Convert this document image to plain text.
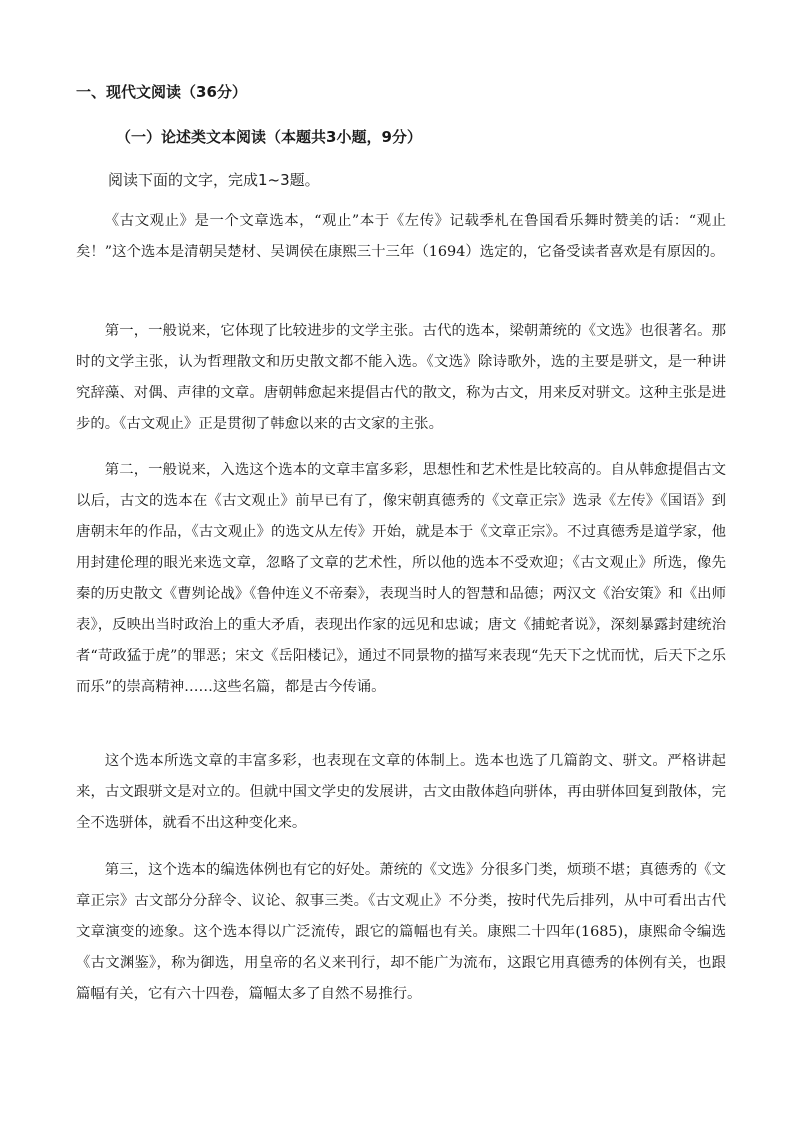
一、现代文阅读（36分）
（一）论述类文本阅读（本题共3小题，9分）
阅读下面的文字，完成1~3题。

《古文观止》是一个文章选本，“观止”本于《左传》记载季札在鲁国看乐舞时赞美的话：“观止矣！”这个选本是清朝吴楚材、吴调侯在康熙三十三年（1694）选定的，它备受读者喜欢是有原因的。

第一，一般说来，它体现了比较进步的文学主张。古代的选本，梁朝萧统的《文选》也很著名。那时的文学主张，认为哲理散文和历史散文都不能入选。《文选》除诗歌外，选的主要是骈文，是一种讲究辞藻、对偶、声律的文章。唐朝韩愈起来提倡古代的散文，称为古文，用来反对骈文。这种主张是进步的。《古文观止》正是贯彻了韩愈以来的古文家的主张。

第二，一般说来，入选这个选本的文章丰富多彩，思想性和艺术性是比较高的。自从韩愈提倡古文以后，古文的选本在《古文观止》前早已有了，像宋朝真德秀的《文章正宗》选录《左传》《国语》到唐朝末年的作品，《古文观止》的选文从左传》开始，就是本于《文章正宗》。不过真德秀是道学家，他用封建伦理的眼光来选文章，忽略了文章的艺术性，所以他的选本不受欢迎；《古文观止》所选，像先秦的历史散文《曹刿论战》《鲁仲连义不帝秦》，表现当时人的智慧和品德；两汉文《治安策》和《出师表》，反映出当时政治上的重大矛盾，表现出作家的远见和忠诚；唐文《捕蛇者说》，深刻暴露封建统治者“苛政猛于虎”的罪恶；宋文《岳阳楼记》，通过不同景物的描写来表现“先天下之忧而忧，后天下之乐而乐”的崇高精神……这些名篇，都是古今传诵。

这个选本所选文章的丰富多彩，也表现在文章的体制上。选本也选了几篇韵文、骈文。严格讲起来，古文跟骈文是对立的。但就中国文学史的发展讲，古文由散体趋向骈体，再由骈体回复到散体，完全不选骈体，就看不出这种变化来。

第三，这个选本的编选体例也有它的好处。萧统的《文选》分很多门类，烦琐不堪；真德秀的《文章正宗》古文部分分辞令、议论、叙事三类。《古文观止》不分类，按时代先后排列，从中可看出古代文章演变的迹象。这个选本得以广泛流传，跟它的篇幅也有关。康熙二十四年(1685)，康熙命令编选《古文渊鉴》，称为御选，用皇帝的名义来刊行，却不能广为流布，这跟它用真德秀的体例有关，也跟篇幅有关，它有六十四卷，篇幅太多了自然不易推行。
